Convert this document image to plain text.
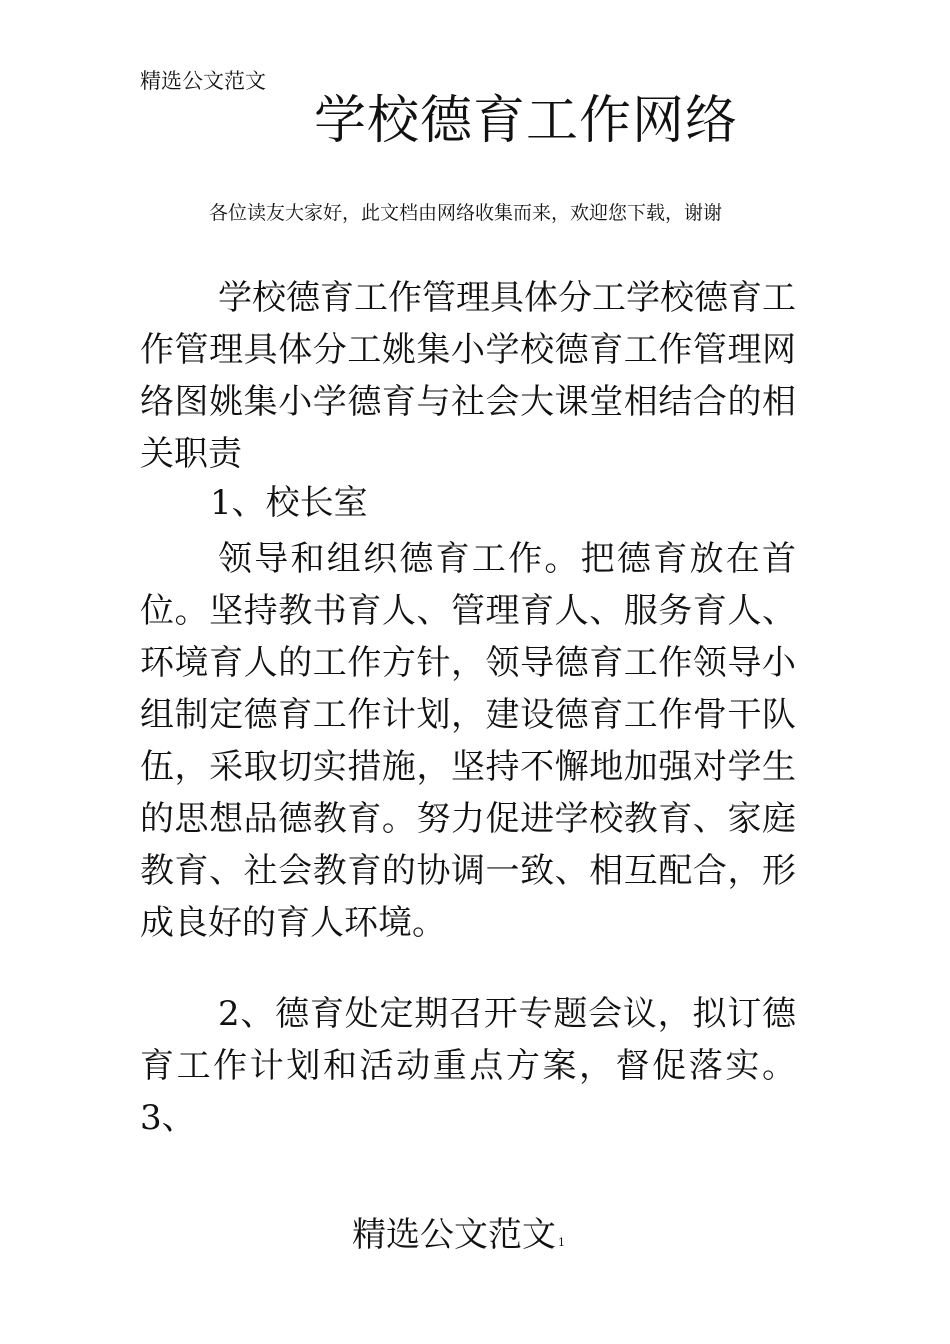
精选公文范文
学校德育工作网络
各位读友大家好，此文档由网络收集而来，欢迎您下载，谢谢

学校德育工作管理具体分工学校德育工作管理具体分工姚集小学校德育工作管理网络图姚集小学德育与社会大课堂相结合的相关职责

1、校长室

领导和组织德育工作。把德育放在首位。坚持教书育人、管理育人、服务育人、环境育人的工作方针，领导德育工作领导小组制定德育工作计划，建设德育工作骨干队伍，采取切实措施，坚持不懈地加强对学生的思想品德教育。努力促进学校教育、家庭教育、社会教育的协调一致、相互配合，形成良好的育人环境。

2、德育处定期召开专题会议，拟订德育工作计划和活动重点方案，督促落实。3、

精选公文范文 1
